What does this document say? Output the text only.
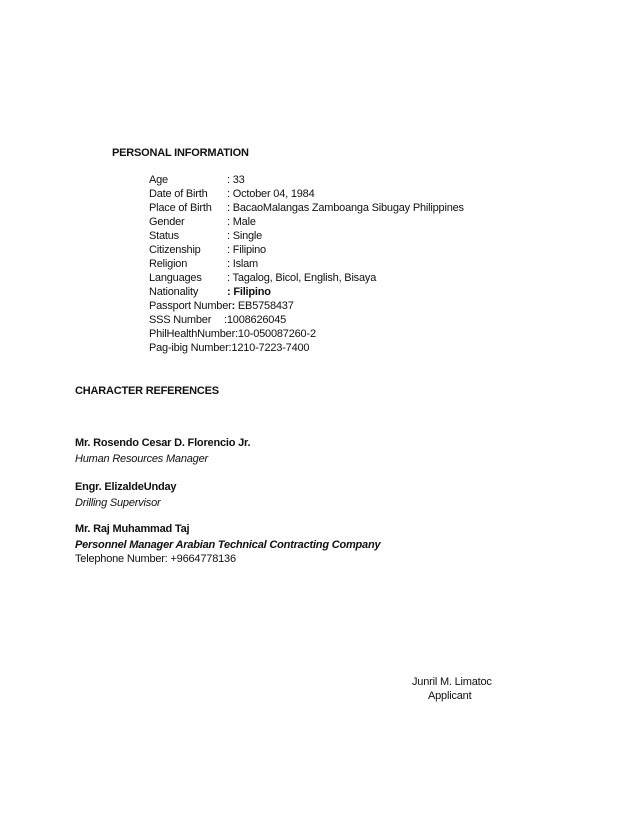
PERSONAL INFORMATION
Age	: 33
Date of Birth : October 04, 1984
Place of Birth : BacaoMalangas Zamboanga Sibugay Philippines
Gender	: Male
Status	: Single
Citizenship : Filipino
Religion	: Islam
Languages : Tagalog, Bicol, English, Bisaya
Nationality	: Filipino
Passport Number: EB5758437
SSS Number :1008626045
PhilHealthNumber:10-050087260-2
Pag-ibig Number:1210-7223-7400
CHARACTER REFERENCES
Mr. Rosendo Cesar D. Florencio Jr.
Human Resources Manager
Engr. ElizaldeUnday
Drilling Supervisor
Mr. Raj Muhammad Taj
Personnel Manager Arabian Technical Contracting Company
Telephone Number: +9664778136
Junril M. Limatoc
Applicant
